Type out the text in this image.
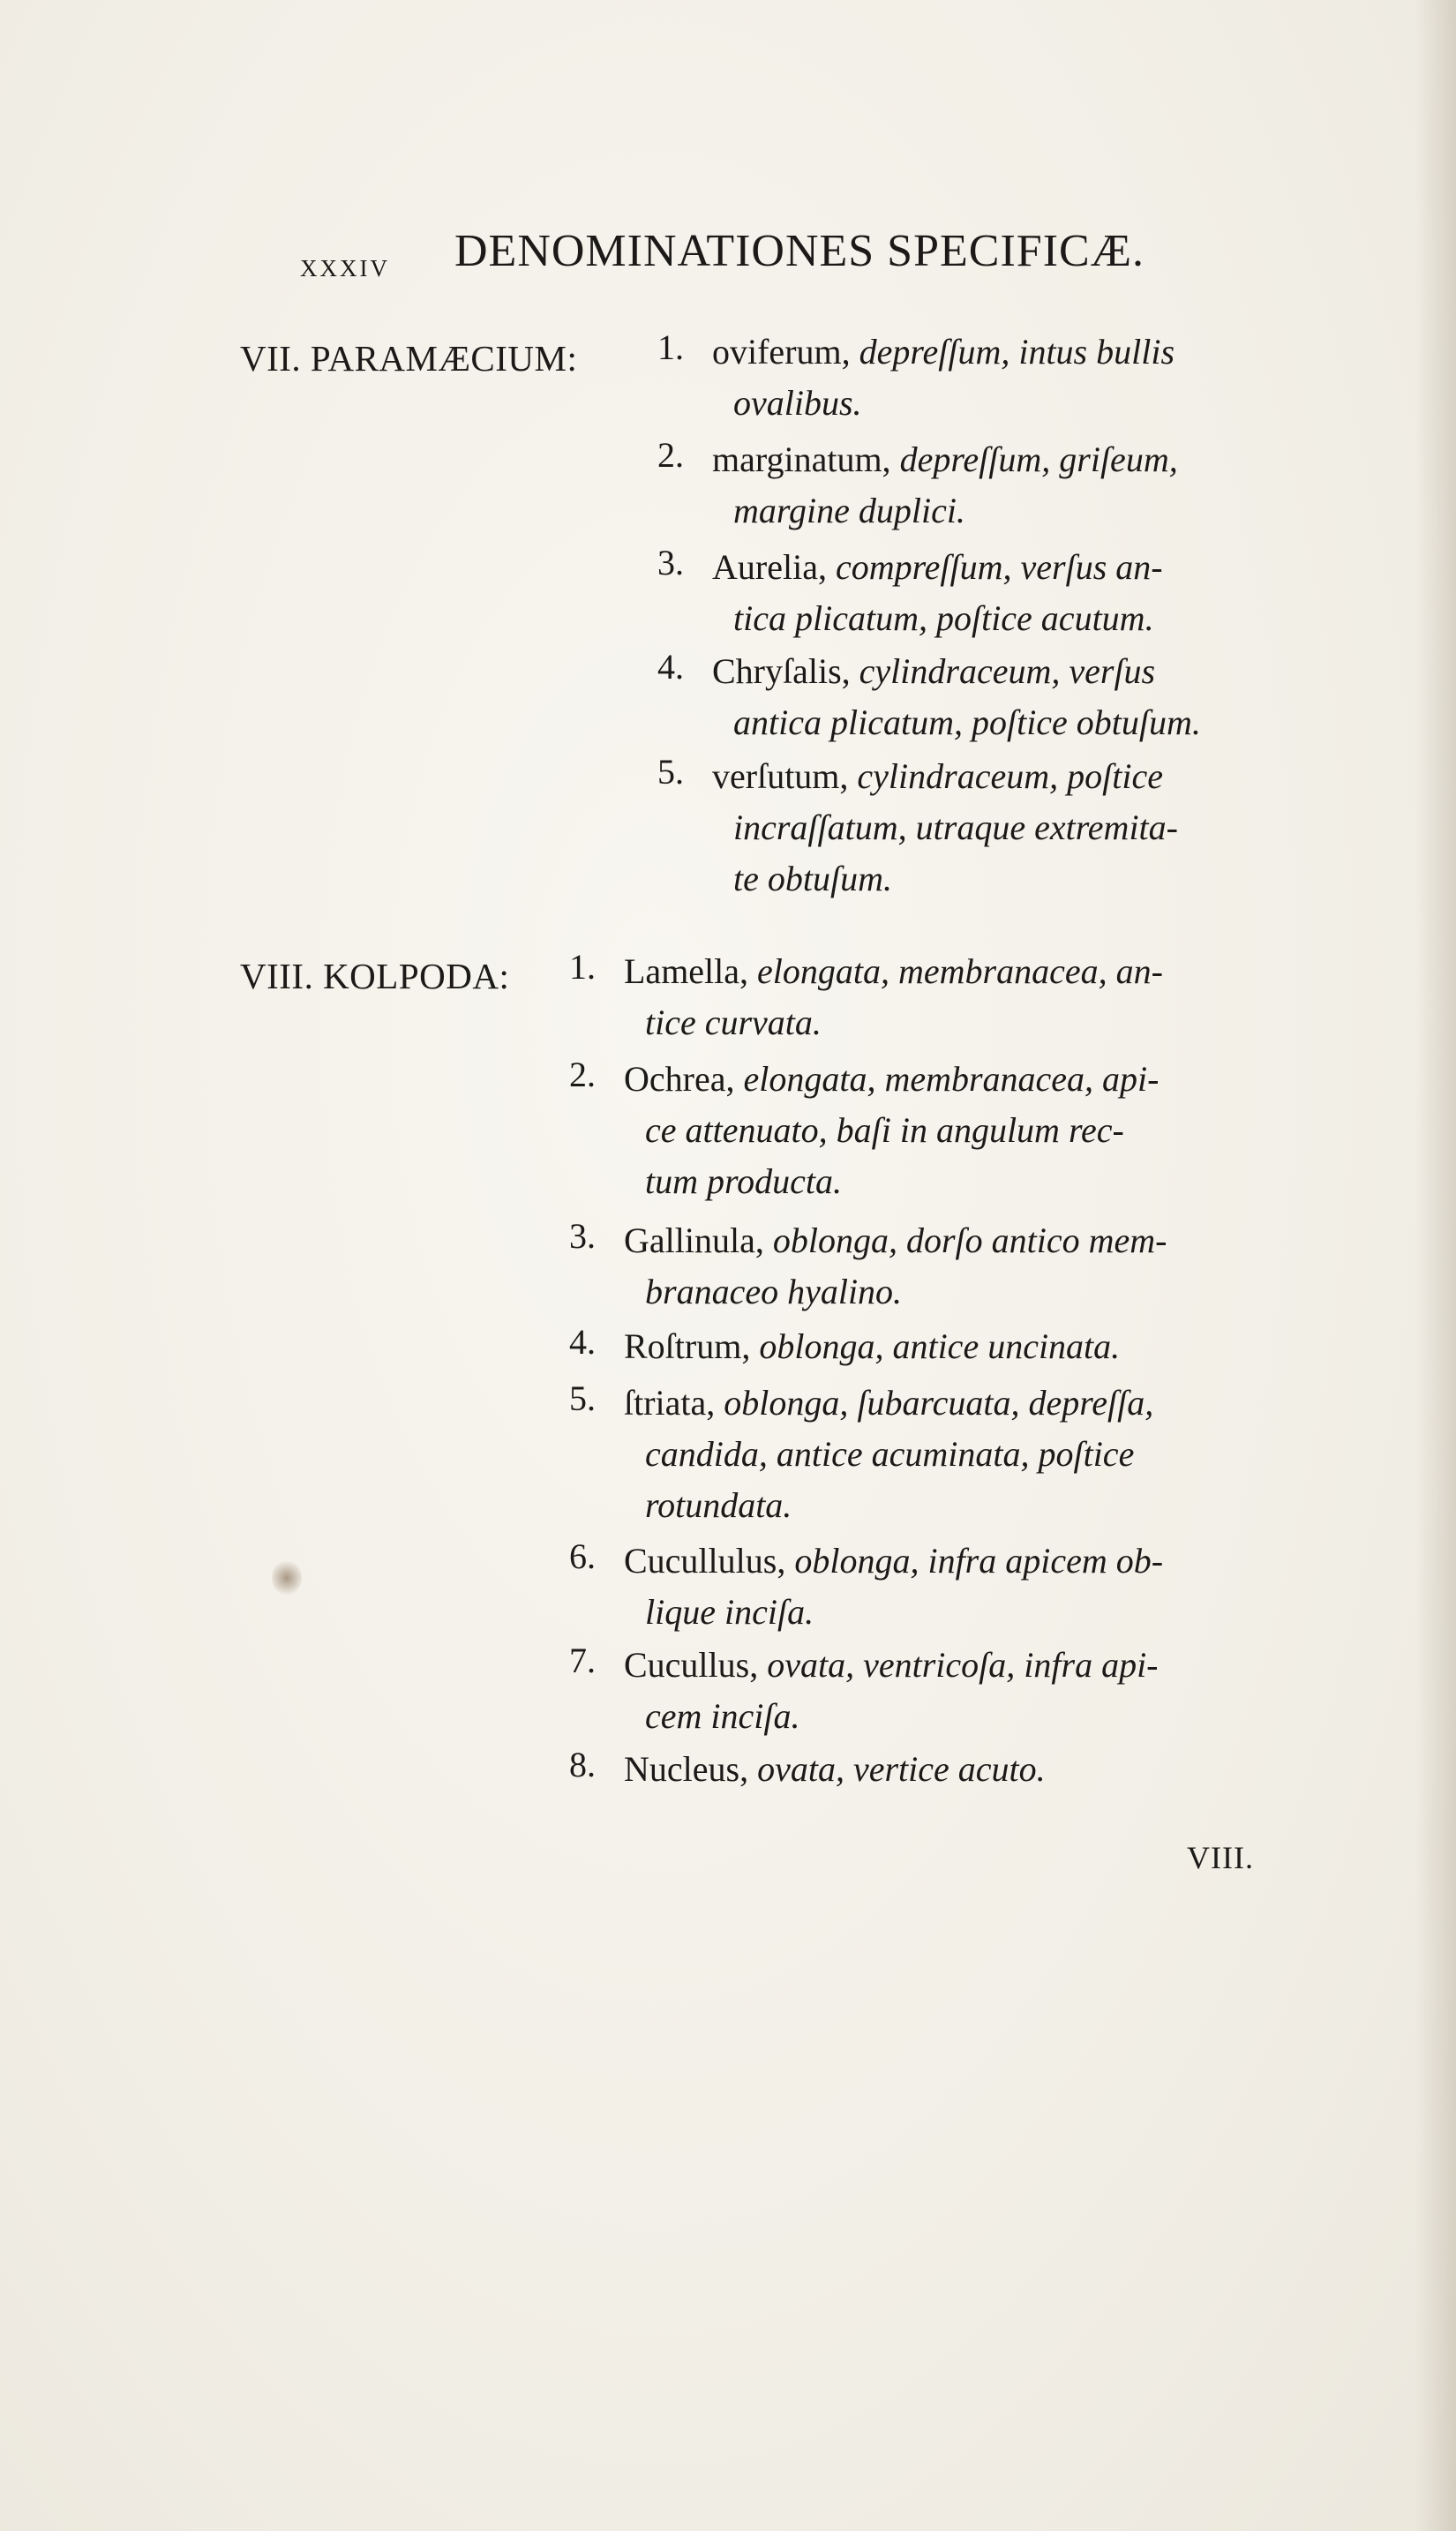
xxxiv DENOMINATIONES SPECIFICÆ.
VII. PARAMÆCIUM: 1. oviferum, depreſſum, intus bullis
ovalibus.
2. marginatum, depreſſum, griſeum,
margine duplici.
3. Aurelia, compreſſum, verſus an-
tica plicatum, poſtice acutum.
4. Chryſalis, cylindraceum, verſus
antica plicatum, poſtice obtuſum.
5. verſutum, cylindraceum, poſtice
incraſſatum, utraque extremita-
te obtuſum.
VIII. KOLPODA: 1. Lamella, elongata, membranacea, an-
tice curvata.
2. Ochrea, elongata, membranacea, api-
ce attenuato, baſi in angulum rec-
tum producta.
3. Gallinula, oblonga, dorſo antico mem-
branaceo hyalino.
4. Roſtrum, oblonga, antice uncinata.
5. ſtriata, oblonga, ſubarcuata, depreſſa,
candida, antice acuminata, poſtice
rotundata.
6. Cucullulus, oblonga, infra apicem ob-
lique inciſa.
7. Cucullus, ovata, ventricoſa, infra api-
cem inciſa.
8. Nucleus, ovata, vertice acuto.
VIII.
